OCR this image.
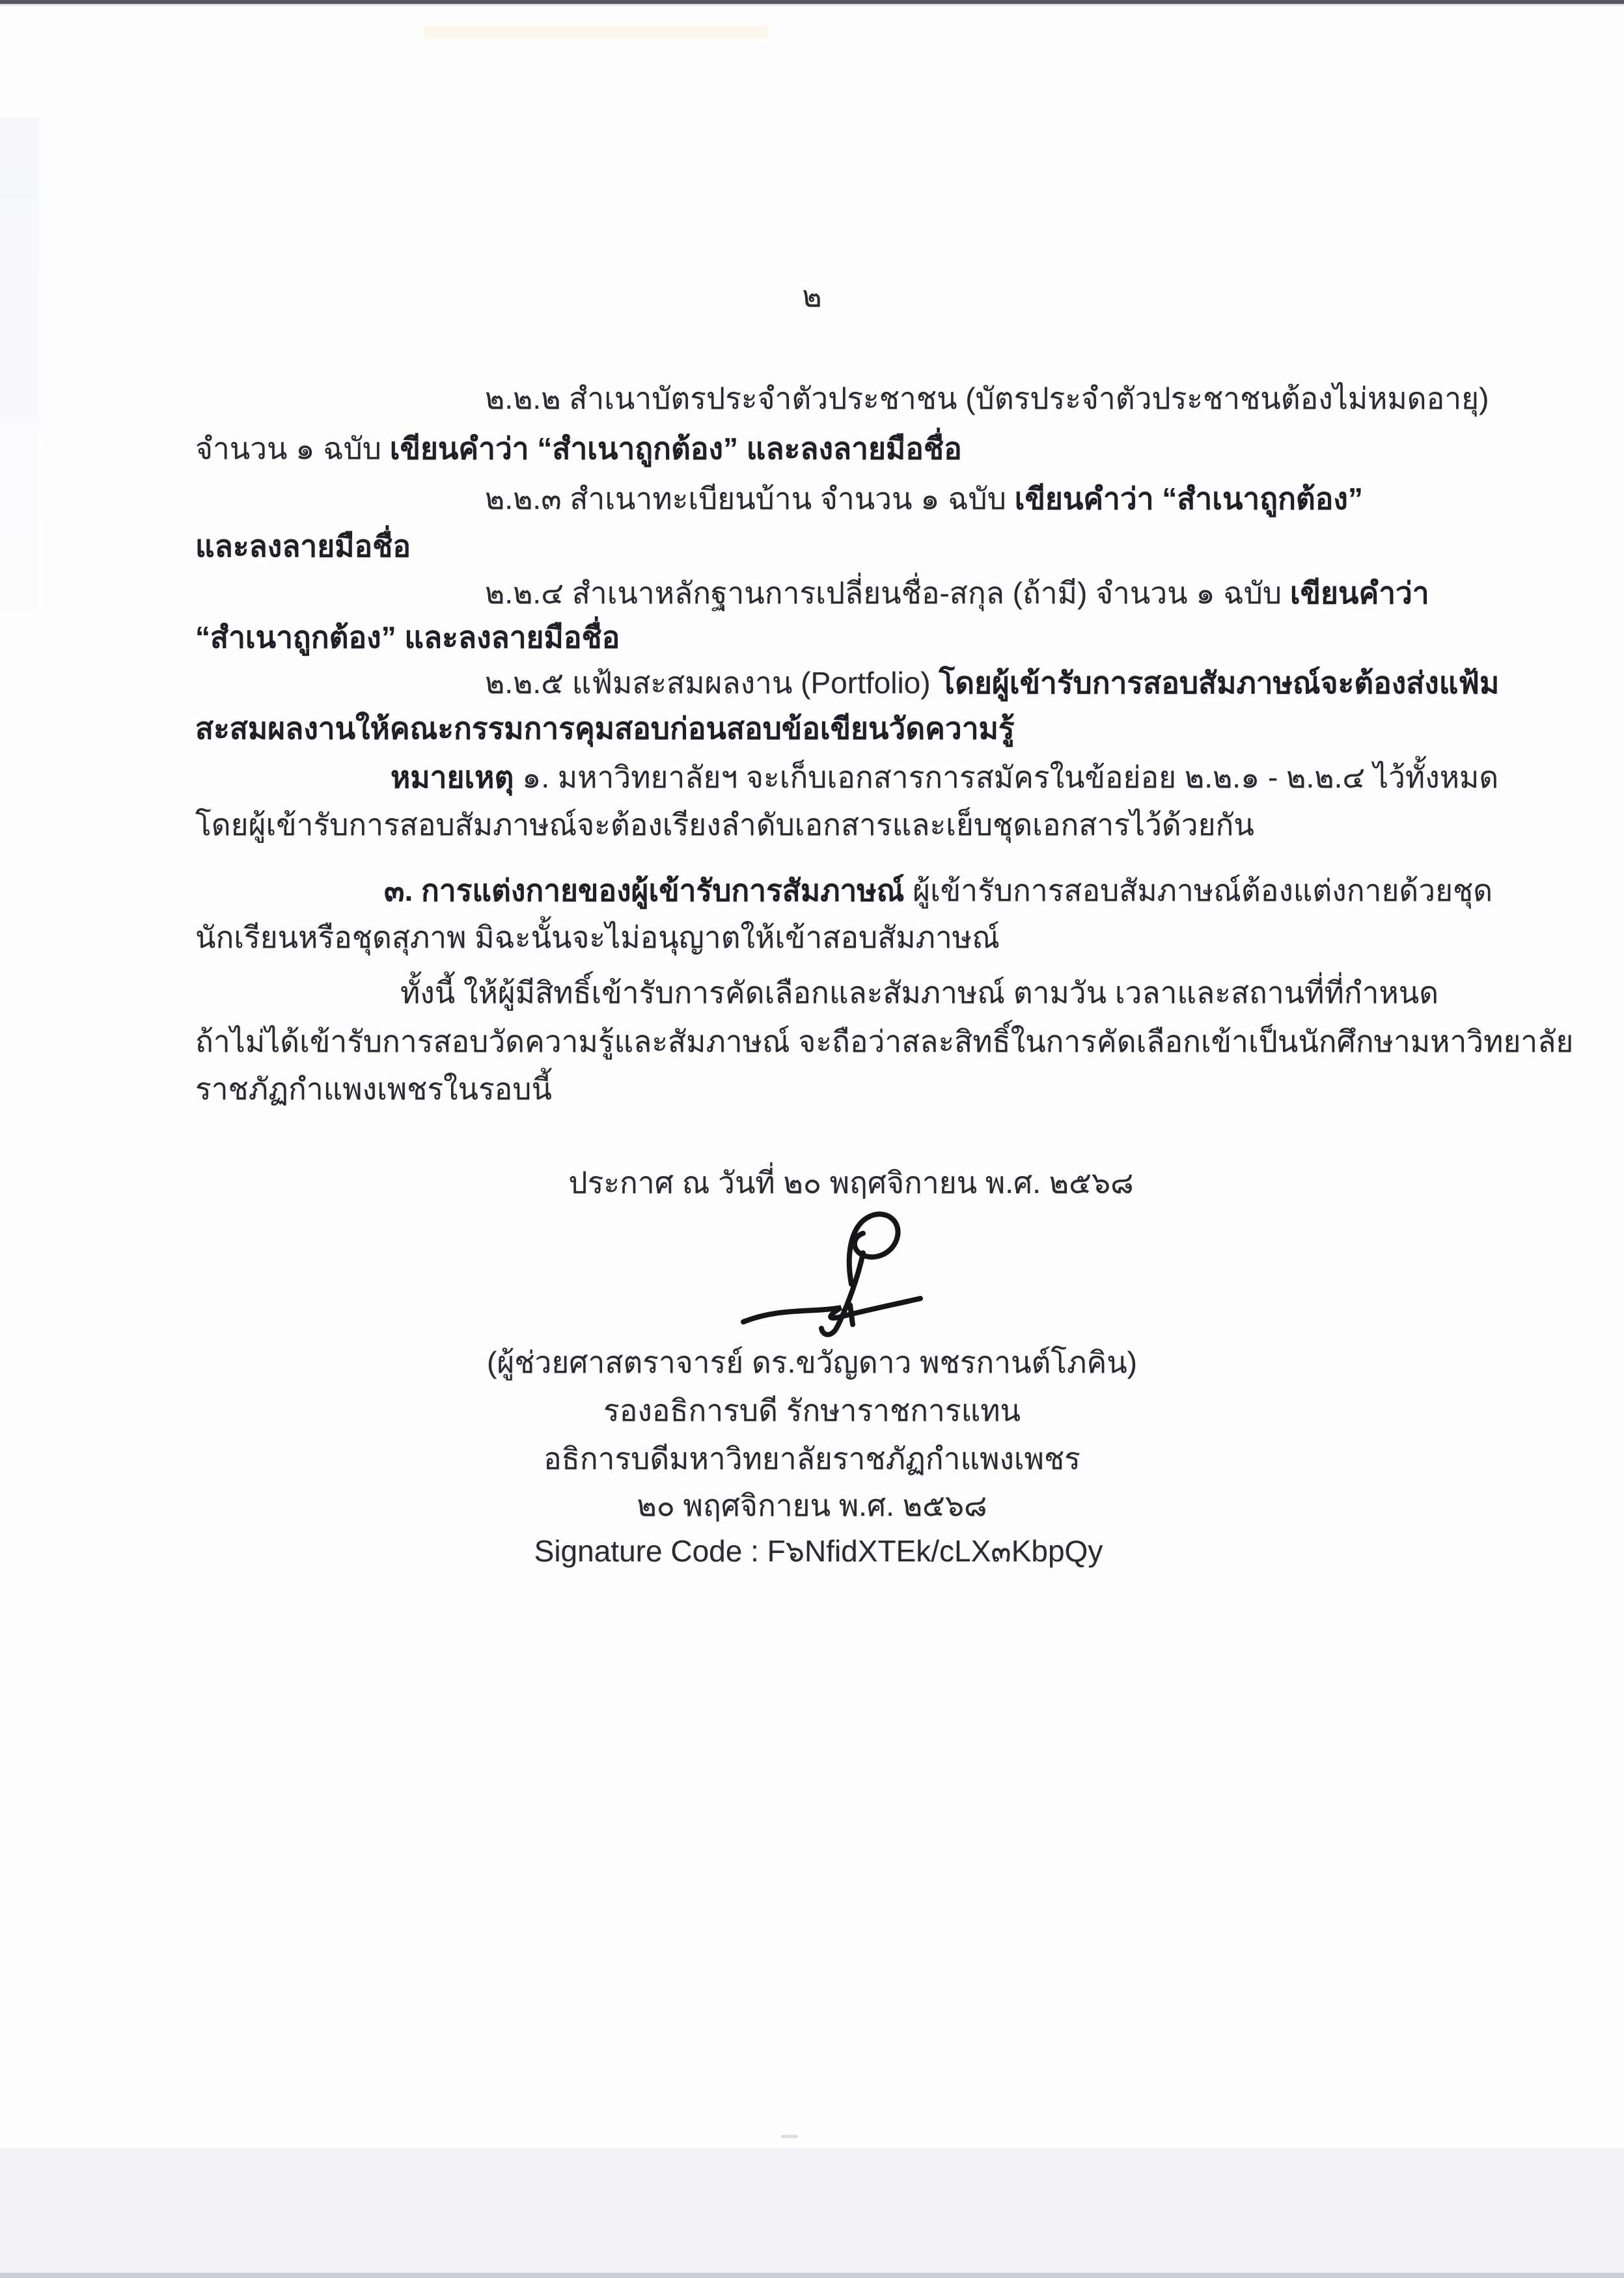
๒
๒.๒.๒ สำเนาบัตรประจำตัวประชาชน (บัตรประจำตัวประชาชนต้องไม่หมดอายุ)
จำนวน ๑ ฉบับ เขียนคำว่า “สำเนาถูกต้อง” และลงลายมือชื่อ
๒.๒.๓ สำเนาทะเบียนบ้าน จำนวน ๑ ฉบับ เขียนคำว่า “สำเนาถูกต้อง”
และลงลายมือชื่อ
๒.๒.๔ สำเนาหลักฐานการเปลี่ยนชื่อ-สกุล (ถ้ามี) จำนวน ๑ ฉบับ เขียนคำว่า
“สำเนาถูกต้อง” และลงลายมือชื่อ
๒.๒.๕ แฟ้มสะสมผลงาน (Portfolio) โดยผู้เข้ารับการสอบสัมภาษณ์จะต้องส่งแฟ้ม
สะสมผลงานให้คณะกรรมการคุมสอบก่อนสอบข้อเขียนวัดความรู้
หมายเหตุ ๑. มหาวิทยาลัยฯ จะเก็บเอกสารการสมัครในข้อย่อย ๒.๒.๑ - ๒.๒.๔ ไว้ทั้งหมด
โดยผู้เข้ารับการสอบสัมภาษณ์จะต้องเรียงลำดับเอกสารและเย็บชุดเอกสารไว้ด้วยกัน
๓. การแต่งกายของผู้เข้ารับการสัมภาษณ์ ผู้เข้ารับการสอบสัมภาษณ์ต้องแต่งกายด้วยชุด
นักเรียนหรือชุดสุภาพ มิฉะนั้นจะไม่อนุญาตให้เข้าสอบสัมภาษณ์
ทั้งนี้ ให้ผู้มีสิทธิ์เข้ารับการคัดเลือกและสัมภาษณ์ ตามวัน เวลาและสถานที่ที่กำหนด
ถ้าไม่ได้เข้ารับการสอบวัดความรู้และสัมภาษณ์ จะถือว่าสละสิทธิ์ในการคัดเลือกเข้าเป็นนักศึกษามหาวิทยาลัย
ราชภัฏกำแพงเพชรในรอบนี้
ประกาศ ณ วันที่ ๒๐ พฤศจิกายน พ.ศ. ๒๕๖๘
(ผู้ช่วยศาสตราจารย์ ดร.ขวัญดาว พชรกานต์โภคิน)
รองอธิการบดี รักษาราชการแทน
อธิการบดีมหาวิทยาลัยราชภัฏกำแพงเพชร
๒๐ พฤศจิกายน พ.ศ. ๒๕๖๘
Signature Code : F๖NfidXTEk/cLX๓KbpQy
